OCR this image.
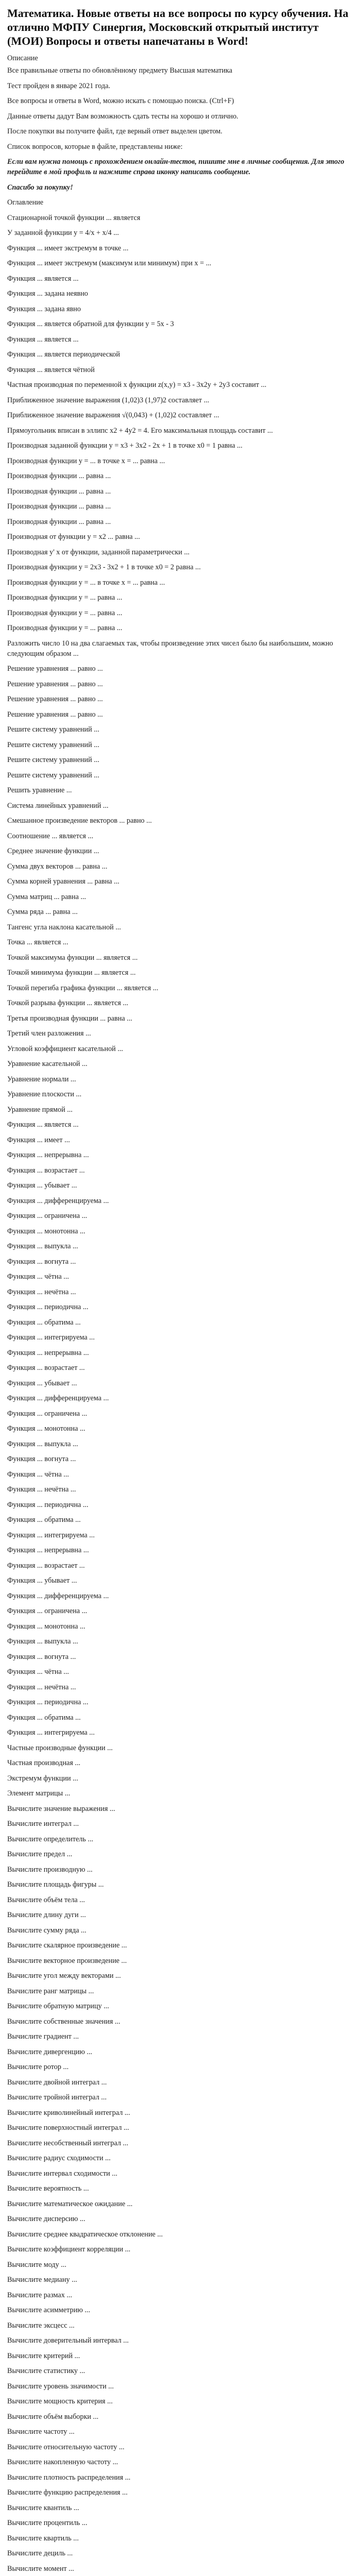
Математика. Новые ответы на все вопросы по курсу обучения. На отлично МФПУ Синергия, Московский открытый институт (МОИ) Вопросы и ответы напечатаны в Word!
Описание
Все правильные ответы по обновлённому предмету Высшая математика
Тест пройден в январе 2021 года.
Все вопросы и ответы в Word, можно искать с помощью поиска. (Ctrl+F)
Данные ответы дадут Вам возможность сдать тесты на хорошо и отлично.
После покупки вы получите файл, где верный ответ выделен цветом.
Список вопросов, которые в файле, представлены ниже:
Если вам нужна помощь с прохождением онлайн-тестов, пишите мне в личные сообщения. Для этого перейдите в мой профиль и нажмите справа иконку написать сообщение.
Спасибо за покупку!
Оглавление
Стационарной точкой функции ... является
У заданной функции y = 4/x + x/4 ...
Функция ... имеет экстремум в точке ...
Функция ... имеет экстремум (максимум или минимум) при x = ...
Функция ... является ...
Функция ... задана неявно
Функция ... задана явно
Функция ... является обратной для функции y = 5x - 3
Функция ... является ...
Функция ... является периодической
Функция ... является чётной
Частная производная по переменной x функции z(x,y) = x3 - 3x2y + 2y3 составит ...
Приближенное значение выражения (1,02)3 (1,97)2 составляет ...
Приближенное значение выражения √(0,043) + (1,02)2 составляет ...
Прямоугольник вписан в эллипс x2 + 4y2 = 4. Его максимальная площадь составит ...
Производная заданной функции y = x3 + 3x2 - 2x + 1 в точке x0 = 1 равна ...
Производная функции y = ... в точке x = ... равна ...
Производная функции ... равна ...
Производная функции ... равна ...
Производная функции ... равна ...
Производная функции ... равна ...
Производная от функции y = x2 ... равна ...
Производная y' x от функции, заданной параметрически ...
Производная функции y = 2x3 - 3x2 + 1 в точке x0 = 2 равна ...
Производная функции y = ... в точке x = ... равна ...
Производная функции y = ... равна ...
Производная функции y = ... равна ...
Производная функции y = ... равна ...
Разложить число 10 на два слагаемых так, чтобы произведение этих чисел было бы наибольшим, можно следующим образом ...
Решение уравнения ... равно ...
Решение уравнения ... равно ...
Решение уравнения ... равно ...
Решение уравнения ... равно ...
Решите систему уравнений ...
Решите систему уравнений ...
Решите систему уравнений ...
Решите систему уравнений ...
Решить уравнение ...
Система линейных уравнений ...
Смешанное произведение векторов ... равно ...
Соотношение ... является ...
Среднее значение функции ...
Сумма двух векторов ... равна ...
Сумма корней уравнения ... равна ...
Сумма матриц ... равна ...
Сумма ряда ... равна ...
Тангенс угла наклона касательной ...
Точка ... является ...
Точкой максимума функции ... является ...
Точкой минимума функции ... является ...
Точкой перегиба графика функции ... является ...
Точкой разрыва функции ... является ...
Третья производная функции ... равна ...
Третий член разложения ...
Угловой коэффициент касательной ...
Уравнение касательной ...
Уравнение нормали ...
Уравнение плоскости ...
Уравнение прямой ...
Функция ... является ...
Функция ... имеет ...
Функция ... непрерывна ...
Функция ... возрастает ...
Функция ... убывает ...
Функция ... дифференцируема ...
Функция ... ограничена ...
Функция ... монотонна ...
Функция ... выпукла ...
Функция ... вогнута ...
Функция ... чётна ...
Функция ... нечётна ...
Функция ... периодична ...
Функция ... обратима ...
Функция ... интегрируема ...
Функция ... непрерывна ...
Функция ... возрастает ...
Функция ... убывает ...
Функция ... дифференцируема ...
Функция ... ограничена ...
Функция ... монотонна ...
Функция ... выпукла ...
Функция ... вогнута ...
Функция ... чётна ...
Функция ... нечётна ...
Функция ... периодична ...
Функция ... обратима ...
Функция ... интегрируема ...
Функция ... непрерывна ...
Функция ... возрастает ...
Функция ... убывает ...
Функция ... дифференцируема ...
Функция ... ограничена ...
Функция ... монотонна ...
Функция ... выпукла ...
Функция ... вогнута ...
Функция ... чётна ...
Функция ... нечётна ...
Функция ... периодична ...
Функция ... обратима ...
Функция ... интегрируема ...
Частные производные функции ...
Частная производная ...
Экстремум функции ...
Элемент матрицы ...
Вычислите значение выражения ...
Вычислите интеграл ...
Вычислите определитель ...
Вычислите предел ...
Вычислите производную ...
Вычислите площадь фигуры ...
Вычислите объём тела ...
Вычислите длину дуги ...
Вычислите сумму ряда ...
Вычислите скалярное произведение ...
Вычислите векторное произведение ...
Вычислите угол между векторами ...
Вычислите ранг матрицы ...
Вычислите обратную матрицу ...
Вычислите собственные значения ...
Вычислите градиент ...
Вычислите дивергенцию ...
Вычислите ротор ...
Вычислите двойной интеграл ...
Вычислите тройной интеграл ...
Вычислите криволинейный интеграл ...
Вычислите поверхностный интеграл ...
Вычислите несобственный интеграл ...
Вычислите радиус сходимости ...
Вычислите интервал сходимости ...
Вычислите вероятность ...
Вычислите математическое ожидание ...
Вычислите дисперсию ...
Вычислите среднее квадратическое отклонение ...
Вычислите коэффициент корреляции ...
Вычислите моду ...
Вычислите медиану ...
Вычислите размах ...
Вычислите асимметрию ...
Вычислите эксцесс ...
Вычислите доверительный интервал ...
Вычислите критерий ...
Вычислите статистику ...
Вычислите уровень значимости ...
Вычислите мощность критерия ...
Вычислите объём выборки ...
Вычислите частоту ...
Вычислите относительную частоту ...
Вычислите накопленную частоту ...
Вычислите плотность распределения ...
Вычислите функцию распределения ...
Вычислите квантиль ...
Вычислите процентиль ...
Вычислите квартиль ...
Вычислите дециль ...
Вычислите момент ...
